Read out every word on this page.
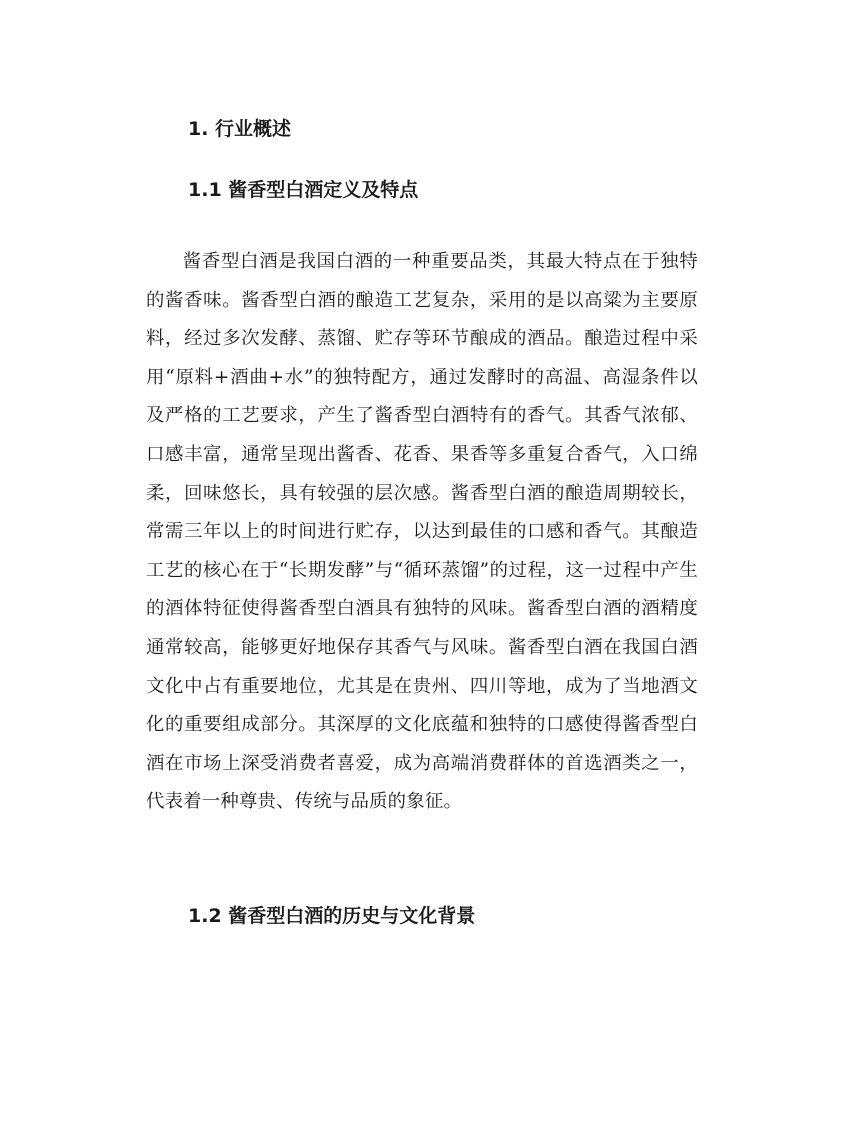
1. 行业概述
1.1 酱香型白酒定义及特点

酱香型白酒是我国白酒的一种重要品类，其最大特点在于独特的酱香味。酱香型白酒的酿造工艺复杂，采用的是以高粱为主要原料，经过多次发酵、蒸馏、贮存等环节酿成的酒品。酿造过程中采用“原料+酒曲+水”的独特配方，通过发酵时的高温、高湿条件以及严格的工艺要求，产生了酱香型白酒特有的香气。其香气浓郁、口感丰富，通常呈现出酱香、花香、果香等多重复合香气，入口绵柔，回味悠长，具有较强的层次感。酱香型白酒的酿造周期较长，常需三年以上的时间进行贮存，以达到最佳的口感和香气。其酿造工艺的核心在于“长期发酵”与“循环蒸馏”的过程，这一过程中产生的酒体特征使得酱香型白酒具有独特的风味。酱香型白酒的酒精度通常较高，能够更好地保存其香气与风味。酱香型白酒在我国白酒文化中占有重要地位，尤其是在贵州、四川等地，成为了当地酒文化的重要组成部分。其深厚的文化底蕴和独特的口感使得酱香型白酒在市场上深受消费者喜爱，成为高端消费群体的首选酒类之一，代表着一种尊贵、传统与品质的象征。

1.2 酱香型白酒的历史与文化背景
